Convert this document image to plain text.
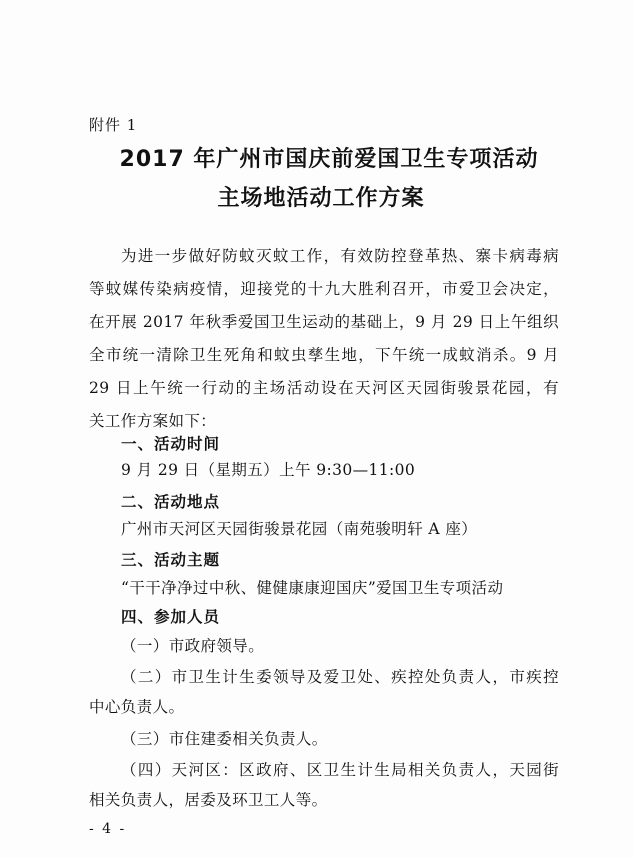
附件 1
2017 年广州市国庆前爱国卫生专项活动
主场地活动工作方案
为进一步做好防蚊灭蚊工作，有效防控登革热、寨卡病毒病
等蚊媒传染病疫情，迎接党的十九大胜利召开，市爱卫会决定，
在开展 2017 年秋季爱国卫生运动的基础上，9 月 29 日上午组织
全市统一清除卫生死角和蚊虫孳生地，下午统一成蚊消杀。9 月
29 日上午统一行动的主场活动设在天河区天园街骏景花园，有
关工作方案如下：
一、活动时间
9 月 29 日（星期五）上午 9:30—11:00
二、活动地点
广州市天河区天园街骏景花园（南苑骏明轩 A 座）
三、活动主题
“干干净净过中秋、健健康康迎国庆”爱国卫生专项活动
四、参加人员
（一）市政府领导。
（二）市卫生计生委领导及爱卫处、疾控处负责人，市疾控
中心负责人。
（三）市住建委相关负责人。
（四）天河区：区政府、区卫生计生局相关负责人，天园街
相关负责人，居委及环卫工人等。
- 4 -
